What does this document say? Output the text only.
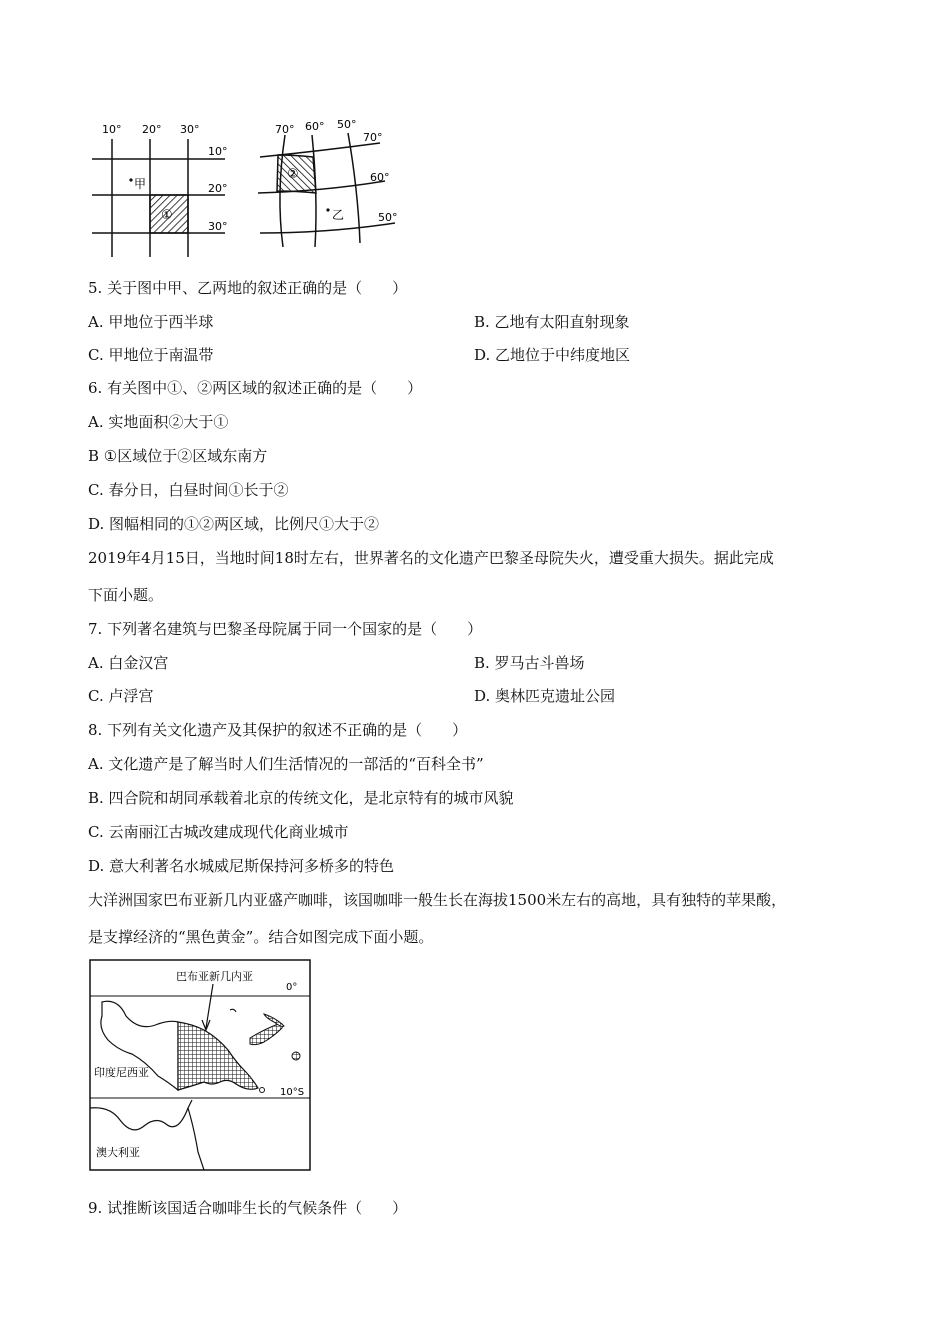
10° 20° 30°
10°
20°
30°
甲
①
70° 60° 50°
70°
60°
50°
②
乙
5. 关于图中甲、乙两地的叙述正确的是（　　）
A. 甲地位于西半球	B. 乙地有太阳直射现象
C. 甲地位于南温带	D. 乙地位于中纬度地区
6. 有关图中①、②两区域的叙述正确的是（　　）
A. 实地面积②大于①
B ①区域位于②区域东南方
C. 春分日，白昼时间①长于②
D. 图幅相同的①②两区域，比例尺①大于②
2019年4月15日，当地时间18时左右，世界著名的文化遗产巴黎圣母院失火，遭受重大损失。据此完成
下面小题。
7. 下列著名建筑与巴黎圣母院属于同一个国家的是（　　）
A. 白金汉宫	B. 罗马古斗兽场
C. 卢浮宫	D. 奥林匹克遗址公园
8. 下列有关文化遗产及其保护的叙述不正确的是（　　）
A. 文化遗产是了解当时人们生活情况的一部活的“百科全书”
B. 四合院和胡同承载着北京的传统文化，是北京特有的城市风貌
C. 云南丽江古城改建成现代化商业城市
D. 意大利著名水城威尼斯保持河多桥多的特色
大洋洲国家巴布亚新几内亚盛产咖啡，该国咖啡一般生长在海拔1500米左右的高地，具有独特的苹果酸，
是支撑经济的“黑色黄金”。结合如图完成下面小题。
巴布亚新几内亚
0°
10°S
印度尼西亚
澳大利亚
9. 试推断该国适合咖啡生长的气候条件（　　）
